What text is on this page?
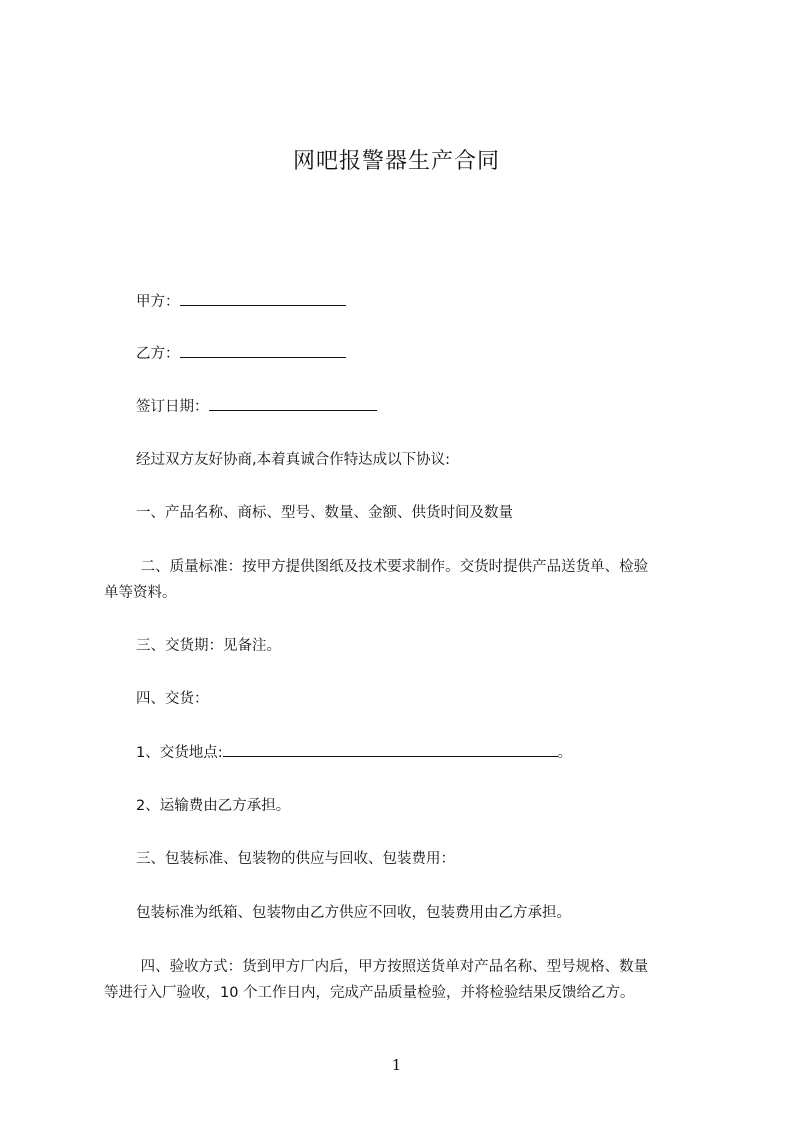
网吧报警器生产合同
甲方：
乙方：
签订日期：
经过双方友好协商,本着真诚合作特达成以下协议:
一、产品名称、商标、型号、数量、金额、供货时间及数量
二、质量标准：按甲方提供图纸及技术要求制作。交货时提供产品送货单、检验
单等资料。
三、交货期：见备注。
四、交货：
1、交货地点:	。
2、运输费由乙方承担。
三、包装标准、包装物的供应与回收、包装费用：
包装标准为纸箱、包装物由乙方供应不回收，包装费用由乙方承担。
四、验收方式：货到甲方厂内后，甲方按照送货单对产品名称、型号规格、数量
等进行入厂验收，10 个工作日内，完成产品质量检验，并将检验结果反馈给乙方。
1
